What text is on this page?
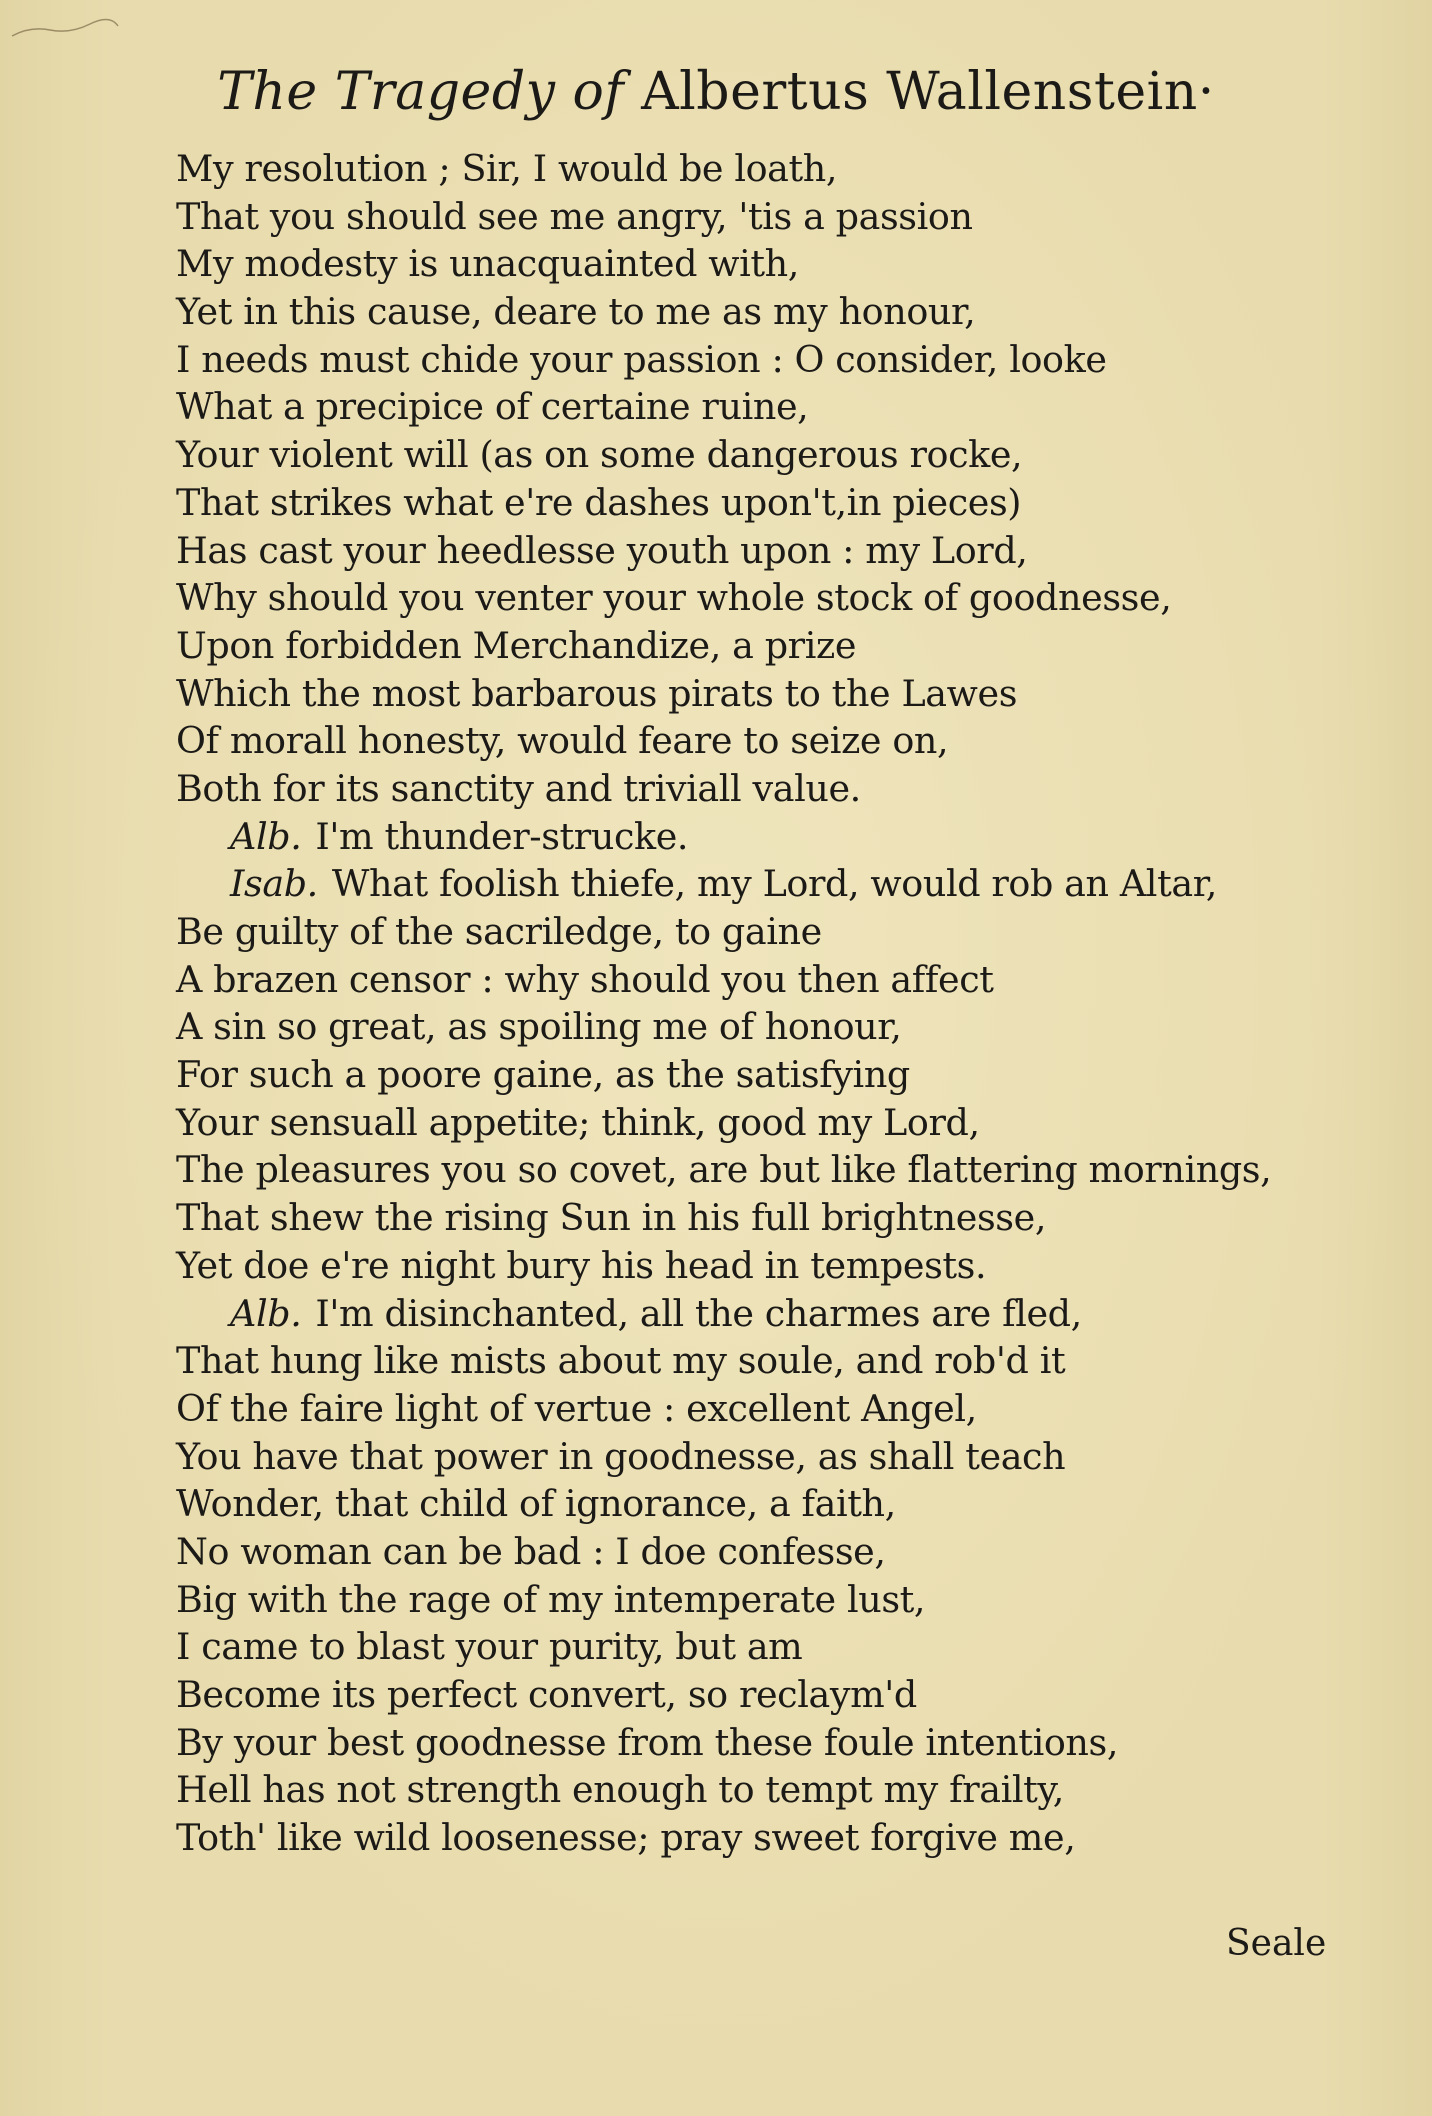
The Tragedy of Albertus Wallenstein·
My resolution ; Sir, I would be loath,
That you should see me angry, 'tis a passion
My modesty is unacquainted with,
Yet in this cause, deare to me as my honour,
I needs must chide your passion : O consider, looke
What a precipice of certaine ruine,
Your violent will (as on some dangerous rocke,
That strikes what e're dashes upon't,in pieces)
Has cast your heedlesse youth upon : my Lord,
Why should you venter your whole stock of goodnesse,
Upon forbidden Merchandize, a prize
Which the most barbarous pirats to the Lawes
Of morall honesty, would feare to seize on,
Both for its sanctity and triviall value.
Alb. I'm thunder-strucke.
Isab. What foolish thiefe, my Lord, would rob an Altar,
Be guilty of the sacriledge, to gaine
A brazen censor : why should you then affect
A sin so great, as spoiling me of honour,
For such a poore gaine, as the satisfying
Your sensuall appetite; think, good my Lord,
The pleasures you so covet, are but like flattering mornings,
That shew the rising Sun in his full brightnesse,
Yet doe e're night bury his head in tempests.
Alb. I'm disinchanted, all the charmes are fled,
That hung like mists about my soule, and rob'd it
Of the faire light of vertue : excellent Angel,
You have that power in goodnesse, as shall teach
Wonder, that child of ignorance, a faith,
No woman can be bad : I doe confesse,
Big with the rage of my intemperate lust,
I came to blast your purity, but am
Become its perfect convert, so reclaym'd
By your best goodnesse from these foule intentions,
Hell has not strength enough to tempt my frailty,
Toth' like wild loosenesse; pray sweet forgive me,
Seale
